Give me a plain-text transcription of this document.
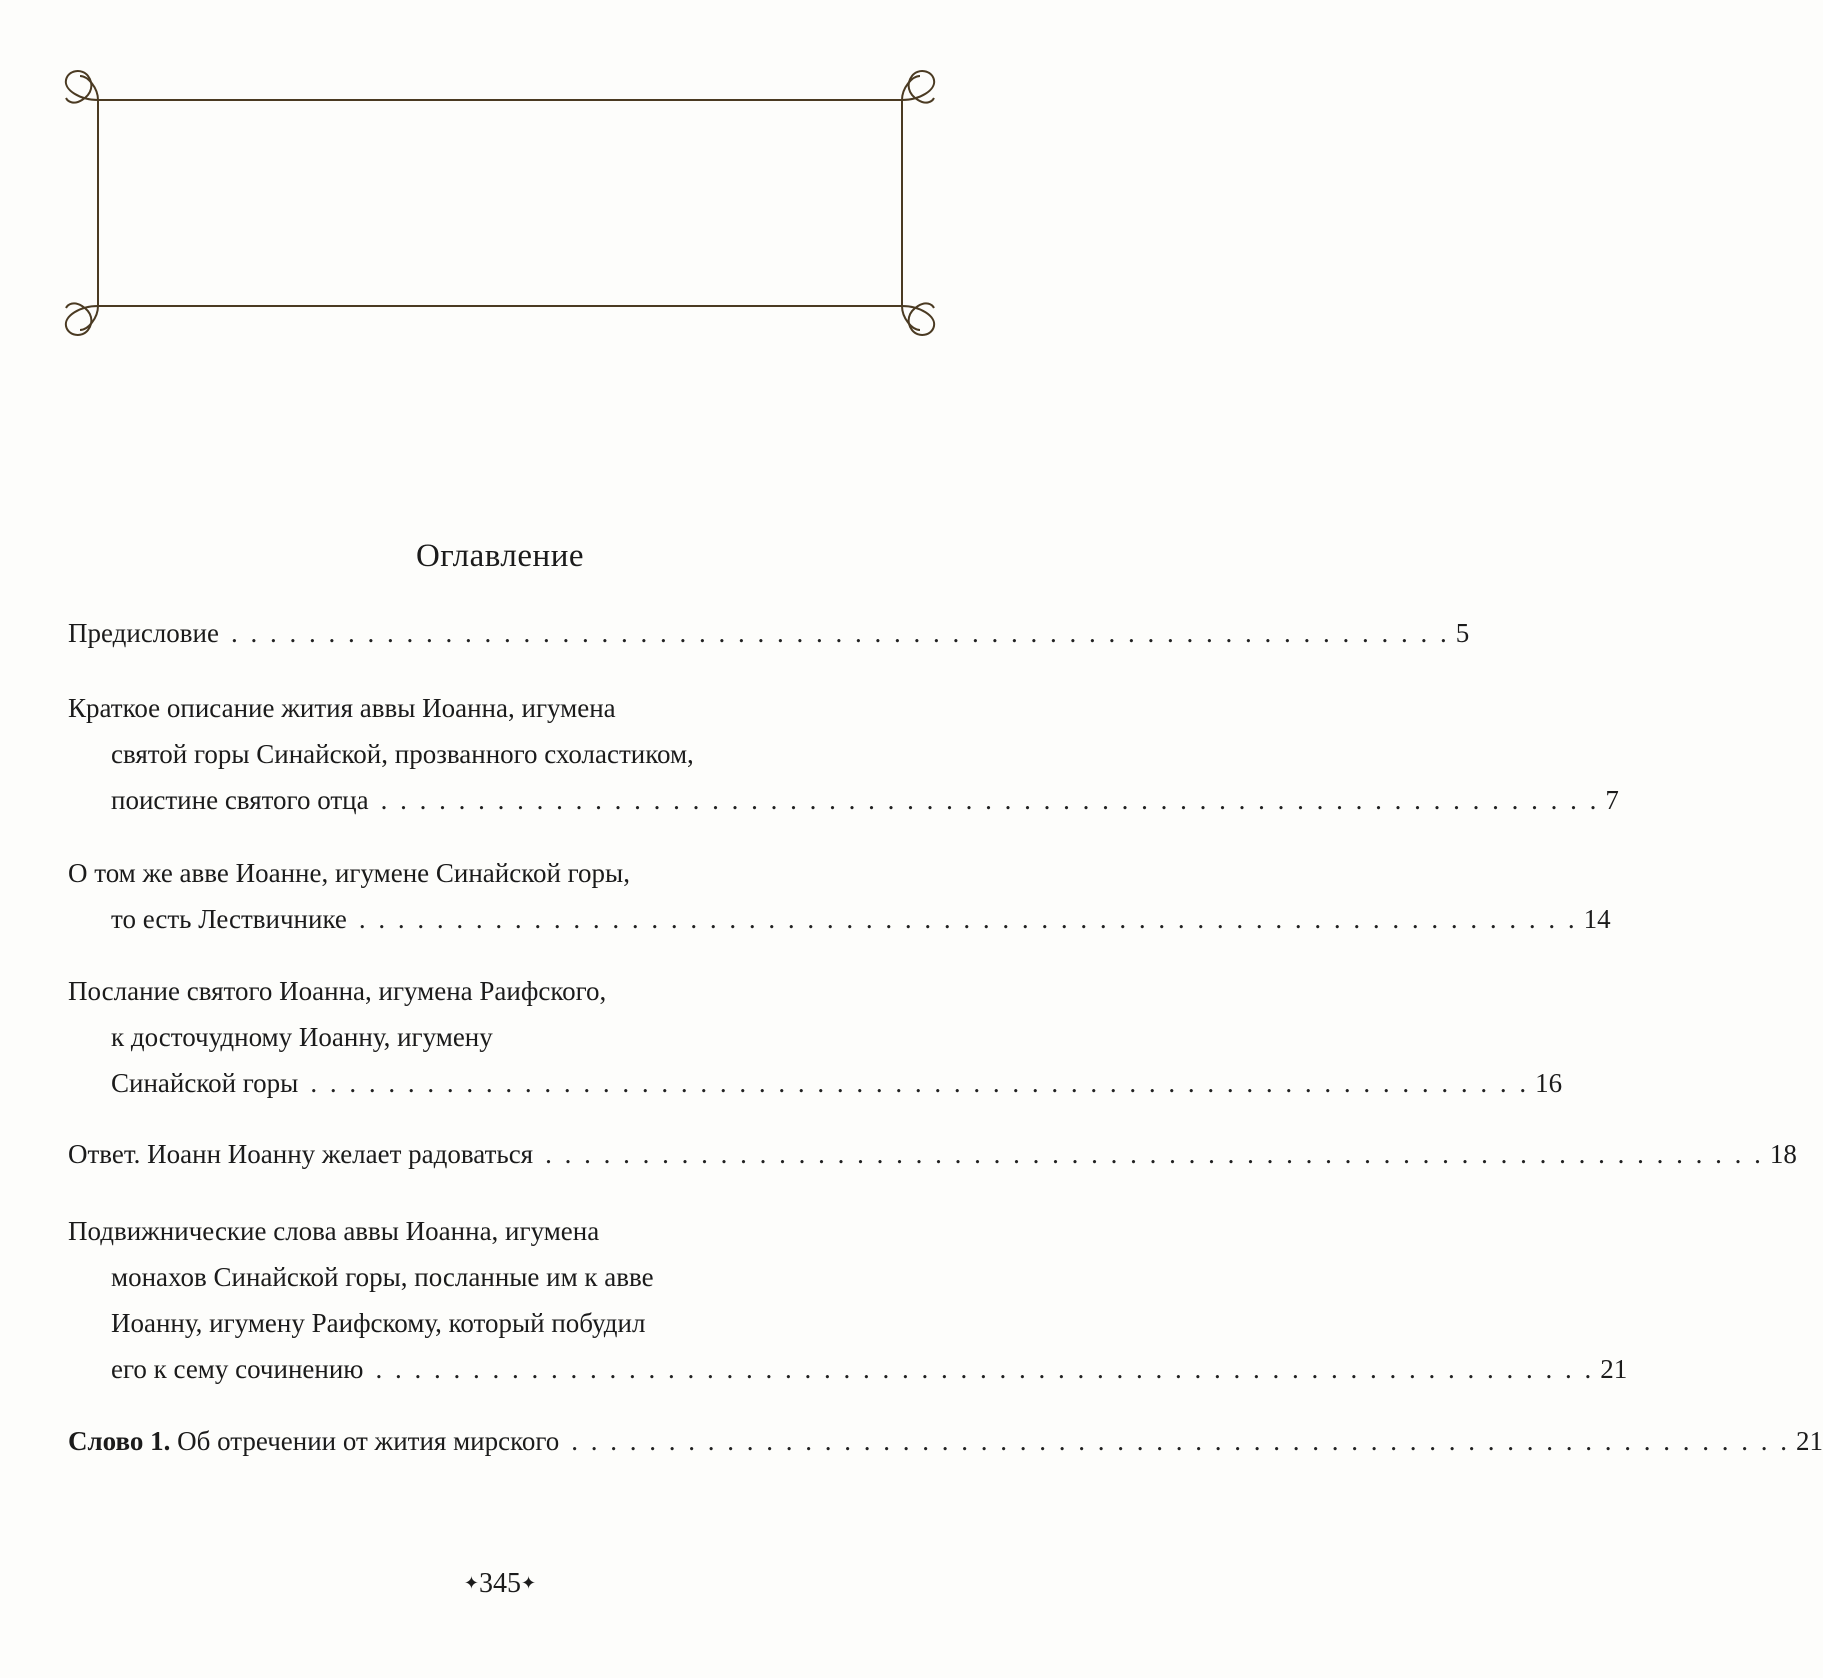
Оглавление
Предисловие . . . . . . . . . . . . . . . . . . . . . . . . . . . . . . . . . . . . . . . . . . . . . . . . . . . . . . . . . . . . . . . 5
Краткое описание жития аввы Иоанна, игумена
святой горы Синайской, прозванного схоластиком,
поистине святого отца . . . . . . . . . . . . . . . . . . . . . . . . . . . . . . . . . . . . . . . . . . . . . . . . . . . . . . . . . . . . . . . 7
О том же авве Иоанне, игумене Синайской горы,
то есть Лествичнике . . . . . . . . . . . . . . . . . . . . . . . . . . . . . . . . . . . . . . . . . . . . . . . . . . . . . . . . . . . . . . . 14
Послание святого Иоанна, игумена Раифского,
к досточудному Иоанну, игумену
Синайской горы . . . . . . . . . . . . . . . . . . . . . . . . . . . . . . . . . . . . . . . . . . . . . . . . . . . . . . . . . . . . . . . 16
Ответ. Иоанн Иоанну желает радоваться . . . . . . . . . . . . . . . . . . . . . . . . . . . . . . . . . . . . . . . . . . . . . . . . . . . . . . . . . . . . . . . 18
Подвижнические слова аввы Иоанна, игумена
монахов Синайской горы, посланные им к авве
Иоанну, игумену Раифскому, который побудил
его к сему сочинению . . . . . . . . . . . . . . . . . . . . . . . . . . . . . . . . . . . . . . . . . . . . . . . . . . . . . . . . . . . . . . . 21
Слово 1. Об отречении от жития мирского . . . . . . . . . . . . . . . . . . . . . . . . . . . . . . . . . . . . . . . . . . . . . . . . . . . . . . . . . . . . . . . 21
✦345✦
